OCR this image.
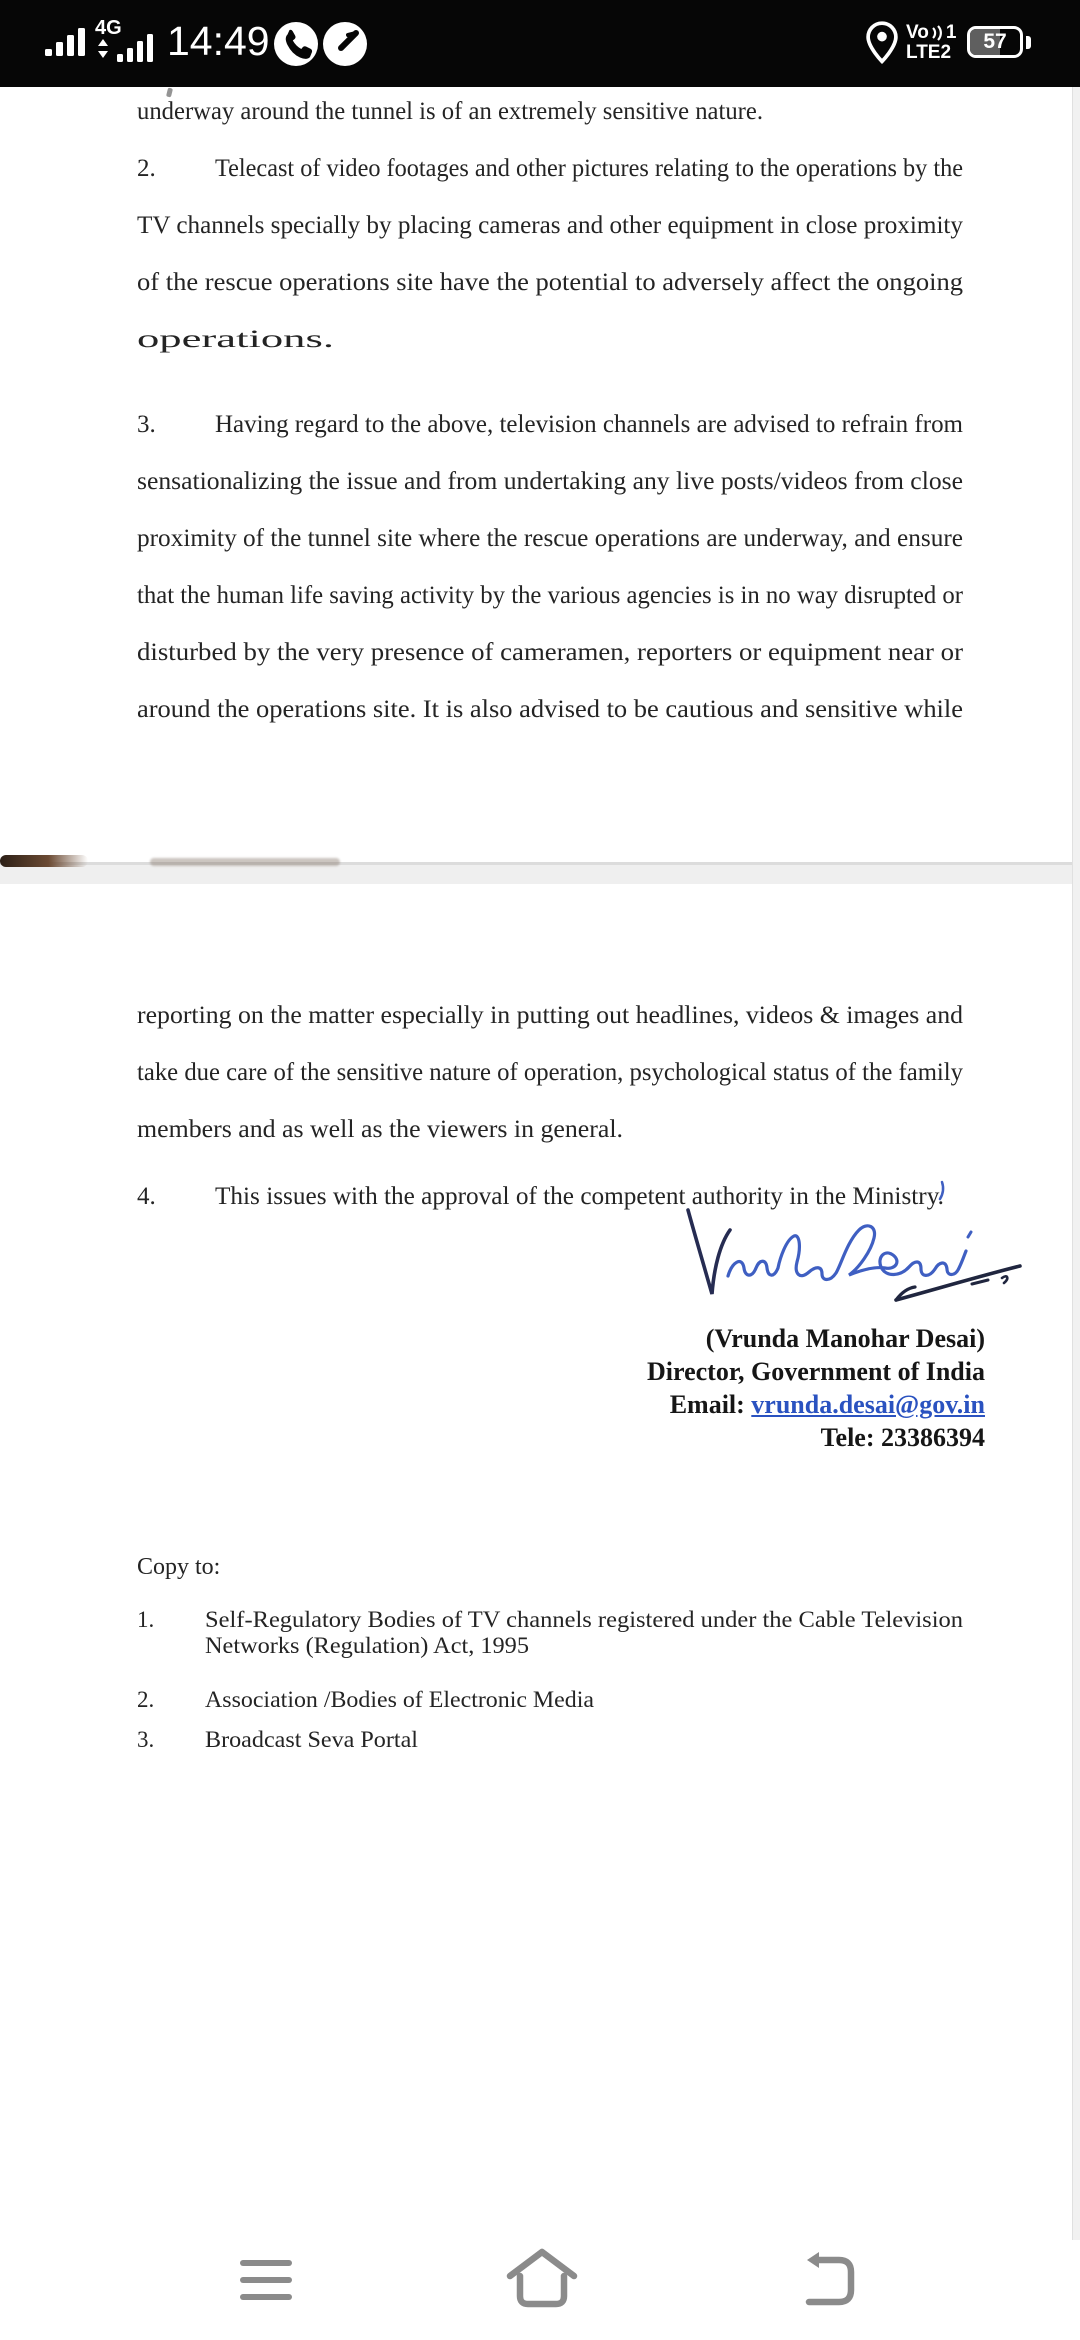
4G 14:49	Vo 1
LTE2	57
underway around the tunnel is of an extremely sensitive nature.
2. Telecast of video footages and other pictures relating to the operations by the
TV channels specially by placing cameras and other equipment in close proximity
of the rescue operations site have the potential to adversely affect the ongoing
operations.
3. Having regard to the above, television channels are advised to refrain from
sensationalizing the issue and from undertaking any live posts/videos from close
proximity of the tunnel site where the rescue operations are underway, and ensure
that the human life saving activity by the various agencies is in no way disrupted or
disturbed by the very presence of cameramen, reporters or equipment near or
around the operations site. It is also advised to be cautious and sensitive while
reporting on the matter especially in putting out headlines, videos & images and
take due care of the sensitive nature of operation, psychological status of the family
members and as well as the viewers in general.
4. This issues with the approval of the competent authority in the Ministry.
(Vrunda Manohar Desai)
Director, Government of India
Email: vrunda.desai@gov.in
Tele: 23386394
Copy to:
1. Self-Regulatory Bodies of TV channels registered under the Cable Television
Networks (Regulation) Act, 1995
2. Association /Bodies of Electronic Media
3. Broadcast Seva Portal
